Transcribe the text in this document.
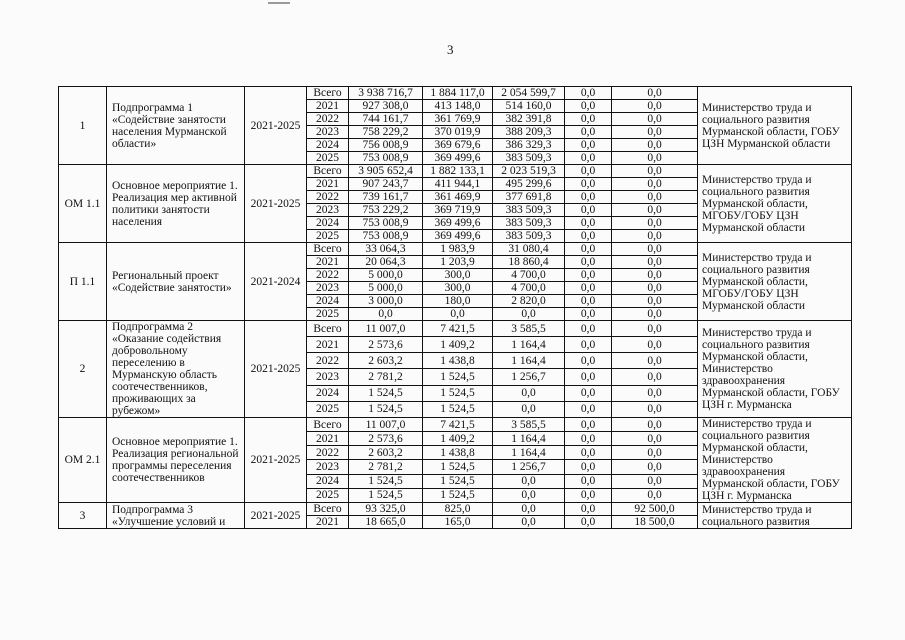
3
1	Подпрограмма 1 «Содействие занятости населения Мурманской области»	2021-2025	Всего	3 938 716,7	1 884 117,0	2 054 599,7	0,0	0,0	Министерство труда и социального развития Мурманской области, ГОБУ ЦЗН Мурманской области
			2021	927 308,0	413 148,0	514 160,0	0,0	0,0	
			2022	744 161,7	361 769,9	382 391,8	0,0	0,0	
			2023	758 229,2	370 019,9	388 209,3	0,0	0,0	
			2024	756 008,9	369 679,6	386 329,3	0,0	0,0	
			2025	753 008,9	369 499,6	383 509,3	0,0	0,0	
ОМ 1.1	Основное мероприятие 1. Реализация мер активной политики занятости населения	2021-2025	Всего	3 905 652,4	1 882 133,1	2 023 519,3	0,0	0,0	Министерство труда и социального развития Мурманской области, МГОБУ/ГОБУ ЦЗН Мурманской области
			2021	907 243,7	411 944,1	495 299,6	0,0	0,0	
			2022	739 161,7	361 469,9	377 691,8	0,0	0,0	
			2023	753 229,2	369 719,9	383 509,3	0,0	0,0	
			2024	753 008,9	369 499,6	383 509,3	0,0	0,0	
			2025	753 008,9	369 499,6	383 509,3	0,0	0,0	
П 1.1	Региональный проект «Содействие занятости»	2021-2024	Всего	33 064,3	1 983,9	31 080,4	0,0	0,0	Министерство труда и социального развития Мурманской области, МГОБУ/ГОБУ ЦЗН Мурманской области
			2021	20 064,3	1 203,9	18 860,4	0,0	0,0	
			2022	5 000,0	300,0	4 700,0	0,0	0,0	
			2023	5 000,0	300,0	4 700,0	0,0	0,0	
			2024	3 000,0	180,0	2 820,0	0,0	0,0	
			2025	0,0	0,0	0,0	0,0	0,0	
2	Подпрограмма 2 «Оказание содействия добровольному переселению в Мурманскую область соотечественников, проживающих за рубежом»	2021-2025	Всего	11 007,0	7 421,5	3 585,5	0,0	0,0	Министерство труда и социального развития Мурманской области, Министерство здравоохранения Мурманской области, ГОБУ ЦЗН г. Мурманска
			2021	2 573,6	1 409,2	1 164,4	0,0	0,0	
			2022	2 603,2	1 438,8	1 164,4	0,0	0,0	
			2023	2 781,2	1 524,5	1 256,7	0,0	0,0	
			2024	1 524,5	1 524,5	0,0	0,0	0,0	
			2025	1 524,5	1 524,5	0,0	0,0	0,0	
ОМ 2.1	Основное мероприятие 1. Реализация региональной программы переселения соотечественников	2021-2025	Всего	11 007,0	7 421,5	3 585,5	0,0	0,0	Министерство труда и социального развития Мурманской области, Министерство здравоохранения Мурманской области, ГОБУ ЦЗН г. Мурманска
			2021	2 573,6	1 409,2	1 164,4	0,0	0,0	
			2022	2 603,2	1 438,8	1 164,4	0,0	0,0	
			2023	2 781,2	1 524,5	1 256,7	0,0	0,0	
			2024	1 524,5	1 524,5	0,0	0,0	0,0	
			2025	1 524,5	1 524,5	0,0	0,0	0,0	
3	Подпрограмма 3 «Улучшение условий и	2021-2025	Всего	93 325,0	825,0	0,0	0,0	92 500,0	Министерство труда и социального развития
			2021	18 665,0	165,0	0,0	0,0	18 500,0	
